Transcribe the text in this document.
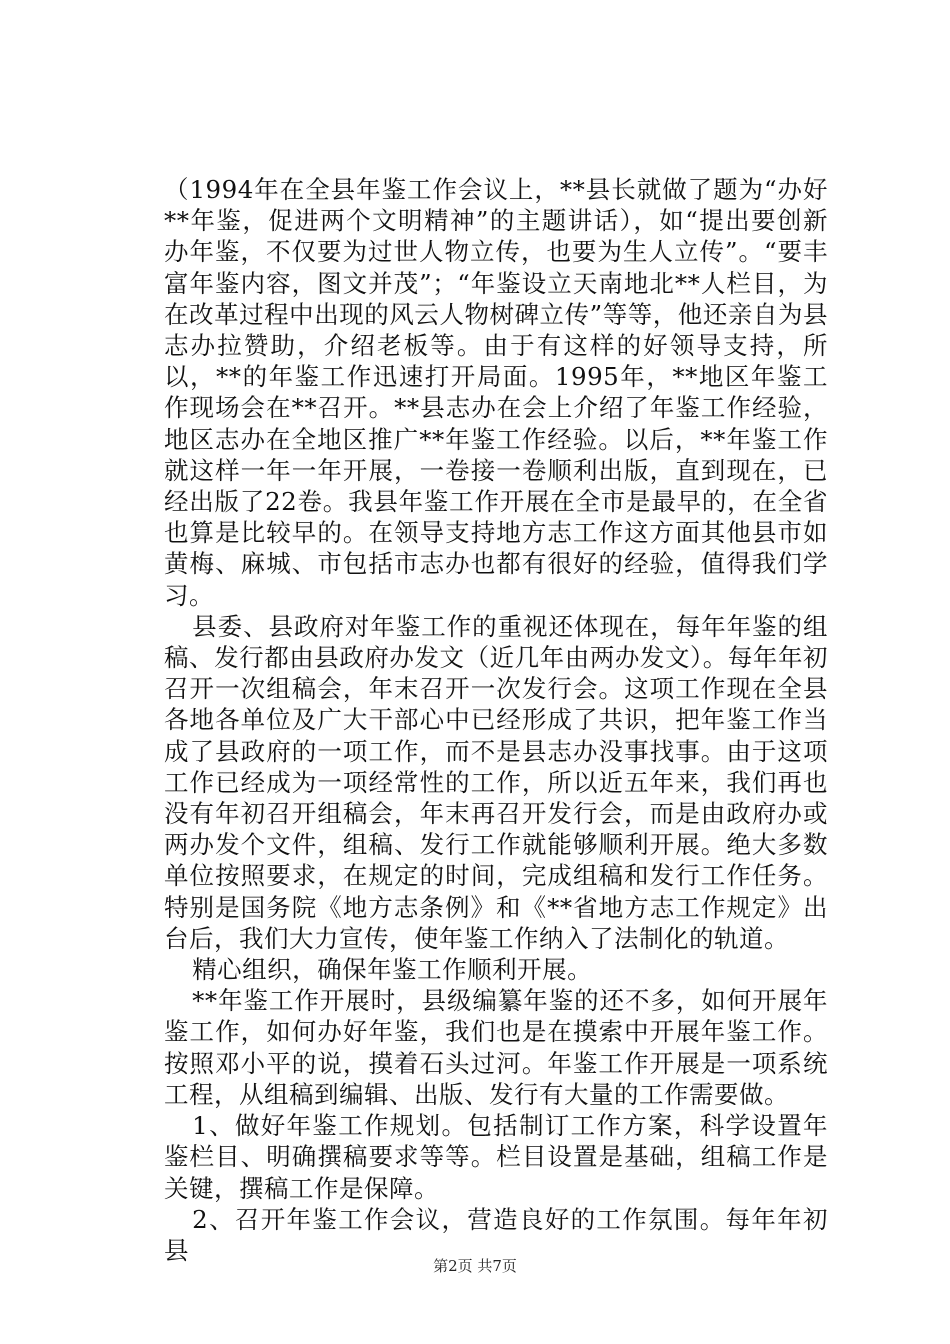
（1994年在全县年鉴工作会议上，**县长就做了题为“办好**年鉴，促进两个文明精神”的主题讲话），如“提出要创新办年鉴，不仅要为过世人物立传，也要为生人立传”。“要丰富年鉴内容，图文并茂”；“年鉴设立天南地北**人栏目，为在改革过程中出现的风云人物树碑立传”等等，他还亲自为县志办拉赞助，介绍老板等。由于有这样的好领导支持，所以，**的年鉴工作迅速打开局面。1995年，**地区年鉴工作现场会在**召开。**县志办在会上介绍了年鉴工作经验，地区志办在全地区推广**年鉴工作经验。以后，**年鉴工作就这样一年一年开展，一卷接一卷顺利出版，直到现在，已经出版了22卷。我县年鉴工作开展在全市是最早的，在全省也算是比较早的。在领导支持地方志工作这方面其他县市如黄梅、麻城、市包括市志办也都有很好的经验，值得我们学习。

县委、县政府对年鉴工作的重视还体现在，每年年鉴的组稿、发行都由县政府办发文（近几年由两办发文）。每年年初召开一次组稿会，年末召开一次发行会。这项工作现在全县各地各单位及广大干部心中已经形成了共识，把年鉴工作当成了县政府的一项工作，而不是县志办没事找事。由于这项工作已经成为一项经常性的工作，所以近五年来，我们再也没有年初召开组稿会，年末再召开发行会，而是由政府办或两办发个文件，组稿、发行工作就能够顺利开展。绝大多数单位按照要求，在规定的时间，完成组稿和发行工作任务。特别是国务院《地方志条例》和《**省地方志工作规定》出台后，我们大力宣传，使年鉴工作纳入了法制化的轨道。

精心组织，确保年鉴工作顺利开展。

**年鉴工作开展时，县级编纂年鉴的还不多，如何开展年鉴工作，如何办好年鉴，我们也是在摸索中开展年鉴工作。按照邓小平的说，摸着石头过河。年鉴工作开展是一项系统工程，从组稿到编辑、出版、发行有大量的工作需要做。

1、做好年鉴工作规划。包括制订工作方案，科学设置年鉴栏目、明确撰稿要求等等。栏目设置是基础，组稿工作是关键，撰稿工作是保障。

2、召开年鉴工作会议，营造良好的工作氛围。每年年初县

第2页 共7页
